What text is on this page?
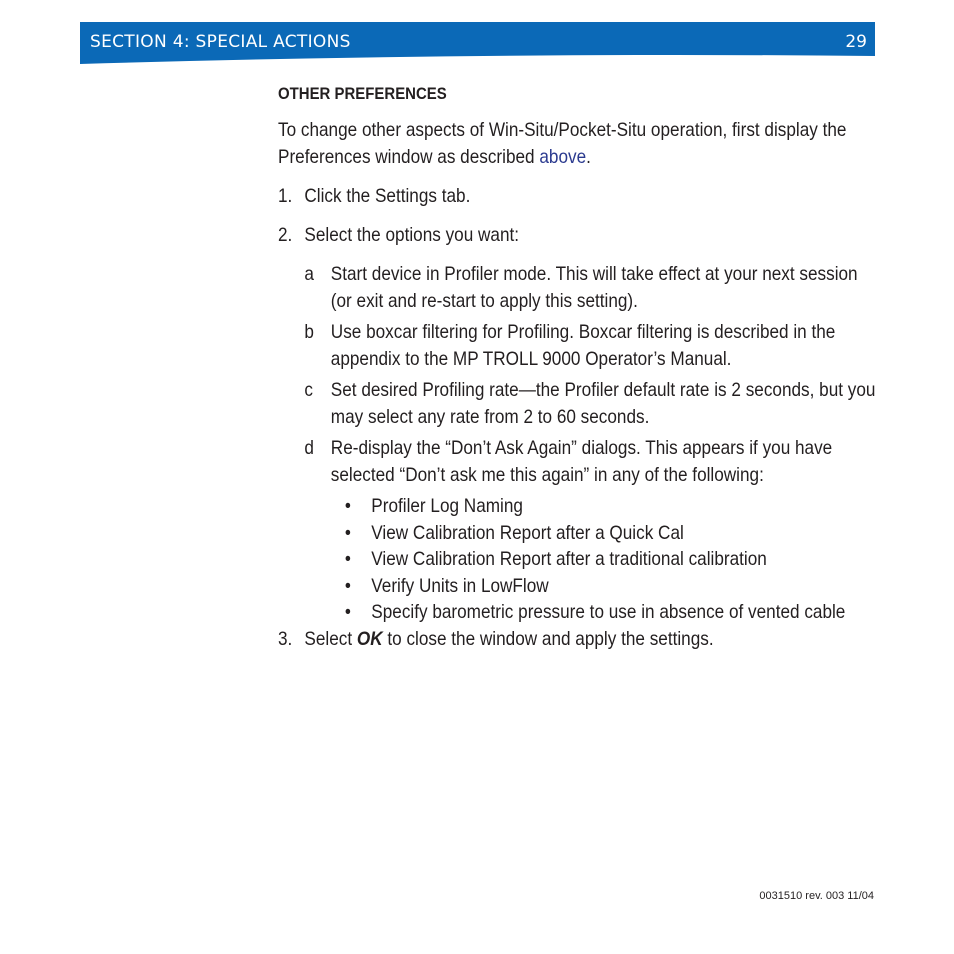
SECTION 4: SPECIAL ACTIONS	29
OTHER PREFERENCES

To change other aspects of Win-Situ/Pocket-Situ operation, first display the Preferences window as described above.

1. Click the Settings tab.
2. Select the options you want:
a Start device in Profiler mode. This will take effect at your next session (or exit and re-start to apply this setting).
b Use boxcar filtering for Profiling. Boxcar filtering is described in the appendix to the MP TROLL 9000 Operator’s Manual.
c Set desired Profiling rate—the Profiler default rate is 2 seconds, but you may select any rate from 2 to 60 seconds.
d Re-display the “Don’t Ask Again” dialogs. This appears if you have selected “Don’t ask me this again” in any of the following:
•	Profiler Log Naming
•	View Calibration Report after a Quick Cal
•	View Calibration Report after a traditional calibration
•	Verify Units in LowFlow
•	Specify barometric pressure to use in absence of vented cable
3. Select OK to close the window and apply the settings.
0031510 rev. 003 11/04
